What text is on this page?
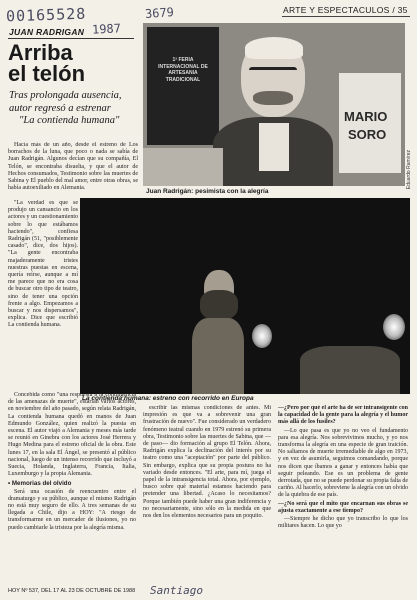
00165528	3679
1987
ARTE Y ESPECTACULOS / 35
JUAN RADRIGAN
Arriba
el telón
Tras prolongada ausencia,
autor regresó a estrenar
"La contienda humana"
1ª FERIA INTERNACIONAL DE ARTESANIA TRADICIONAL
MARIO
SORO
Juan Radrigán: pesimista con la alegría
Eduardo Ramírez

Hacía más de un año, desde el estreno de Los borrachos de la luna, que poco o nada se sabía de Juan Radrigán. Algunos decían que su compañía, El Telón, se encontraba disuelta, y que el autor de Hechos consumados, Testimonio sobre las muertes de Sabina y El pueblo del mal amor, entre otras obras, se había autoexiliado en Alemania.

"La verdad es que se produjo un cansancio en los actores y un cuestionamiento sobre lo que estábamos haciendo", confiesa Radrigán (51, "posiblemente casado", dice, dos hijos). "La gente encontraba majaderamente tristes nuestras puestas en escena, quería reírse, aunque a mí me parece que no era cosa de buscar otro tipo de teatro, sino de tener una opción frente a algo. Empezamos a buscar y nos dispersamos", explica. Dice que escribió La contienda humana.

La contienda humana: estreno con recorrido en Europa

Concebida como "una respuesta a la contingencia de las amenazas de muerte", estarían varios actores, en noviembre del año pasado, según relata Radrigán, La contienda humana quedó en manos de Juan Edmundo González, quien realizó la puesta en escena. El autor viajó a Alemania y meses más tarde se reunió en Ginebra con los actores José Herrera y Hugo Medina para el estreno oficial de la obra. Este lunes 17, en la sala El Ángel, se presentó al público nacional, luego de un intenso recorrido que incluyó a Suecia, Holanda, Inglaterra, Francia, Italia, Luxemburgo y la propia Alemania.

• Memorias del olvido

Será una ocasión de reencuentro entre el dramaturgo y su público, aunque el mismo Radrigán no está muy seguro de ello. A tres semanas de su llegada a Chile, dijo a HOY: "A riesgo de transformarme en un mercader de ilusiones, yo no puedo cambiarle la tristeza por la alegría misma.

escribir las mismas condiciones de antes. Mi impresión es que va a sobrevenir una gran frustración de nuevo". Fue considerado un verdadero fenómeno teatral cuando en 1979 estrenó su primera obra, Testimonio sobre las muertes de Sabina, que —de paso— dio formación al grupo El Telón. Ahora, Radrigán explica la declinación del interés por su teatro como una "aceptación" por parte del público. Sin embargo, explica que su propia postura no ha variado desde entonces. "El arte, para mí, juega el papel de la intransigencia total. Ahora, por ejemplo, busco sobre qué material estamos haciendo para pretender una libertad. ¿Acaso lo necesitamos? Porque también puede haber una gran indiferencia y no necesariamente, sino sólo en la medida en que nos den los elementos necesarios para un poquito.

—¿Pero por qué el arte ha de ser intransigente con la capacidad de la gente para la alegría y el humor más allá de los fusiles?

—Lo que pasa es que yo no veo el fundamento para esa alegría. Nos sobrevivimos mucho, y yo nos transforma la alegría en una especie de gran traición. No saltamos de muerte irremediable de algo en 1973, y en vez de asumirla, seguimos comandando, porque nos dicen que íbamos a ganar y entonces había que seguir peleando. Ese es un problema de gente derrotada, que no se puede perdonar su propia falta de cariño. Al hacerlo, sobreviene la alegría con un olvido de la quiebra de ese país.

—¿No será que el mito que encarnan sus obras se ajusta exactamente a ese tiempo?

—Siempre he dicho que yo transcribo lo que los militares hacen. Lo que yo

HOY Nº 537, DEL 17 AL 23 DE OCTUBRE DE 1988 Santiago
